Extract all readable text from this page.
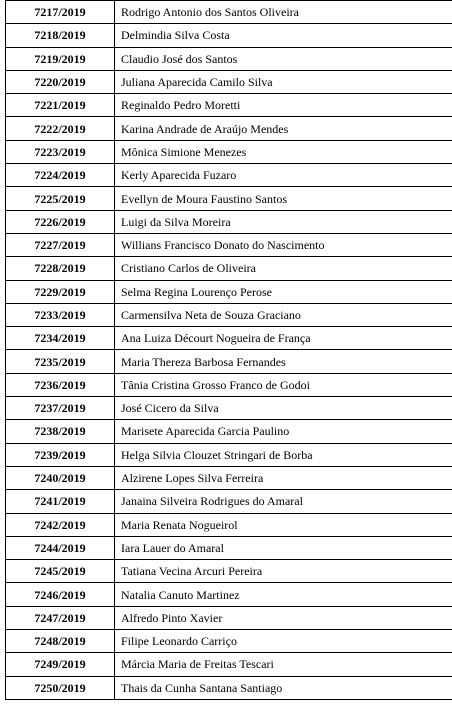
7217/2019	Rodrigo Antonio dos Santos Oliveira
7218/2019	Delmindia Silva Costa
7219/2019	Claudio José dos Santos
7220/2019	Juliana Aparecida Camilo Silva
7221/2019	Reginaldo Pedro Moretti
7222/2019	Karina Andrade de Araújo Mendes
7223/2019	Mônica Simione Menezes
7224/2019	Kerly Aparecida Fuzaro
7225/2019	Evellyn de Moura Faustino Santos
7226/2019	Luigi da Silva Moreira
7227/2019	Willians Francisco Donato do Nascimento
7228/2019	Cristiano Carlos de Oliveira
7229/2019	Selma Regina Lourenço Perose
7233/2019	Carmensilva Neta de Souza Graciano
7234/2019	Ana Luiza Décourt Nogueira de França
7235/2019	Maria Thereza Barbosa Fernandes
7236/2019	Tânia Cristina Grosso Franco de Godoi
7237/2019	José Cicero da Silva
7238/2019	Marisete Aparecida Garcia Paulino
7239/2019	Helga Silvia Clouzet Stringari de Borba
7240/2019	Alzirene Lopes Silva Ferreira
7241/2019	Janaina Silveira Rodrigues do Amaral
7242/2019	Maria Renata Nogueirol
7244/2019	Iara Lauer do Amaral
7245/2019	Tatiana Vecina Arcuri Pereira
7246/2019	Natalia Canuto Martinez
7247/2019	Alfredo Pinto Xavier
7248/2019	Filipe Leonardo Carriço
7249/2019	Márcia Maria de Freitas Tescari
7250/2019	Thais da Cunha Santana Santiago
